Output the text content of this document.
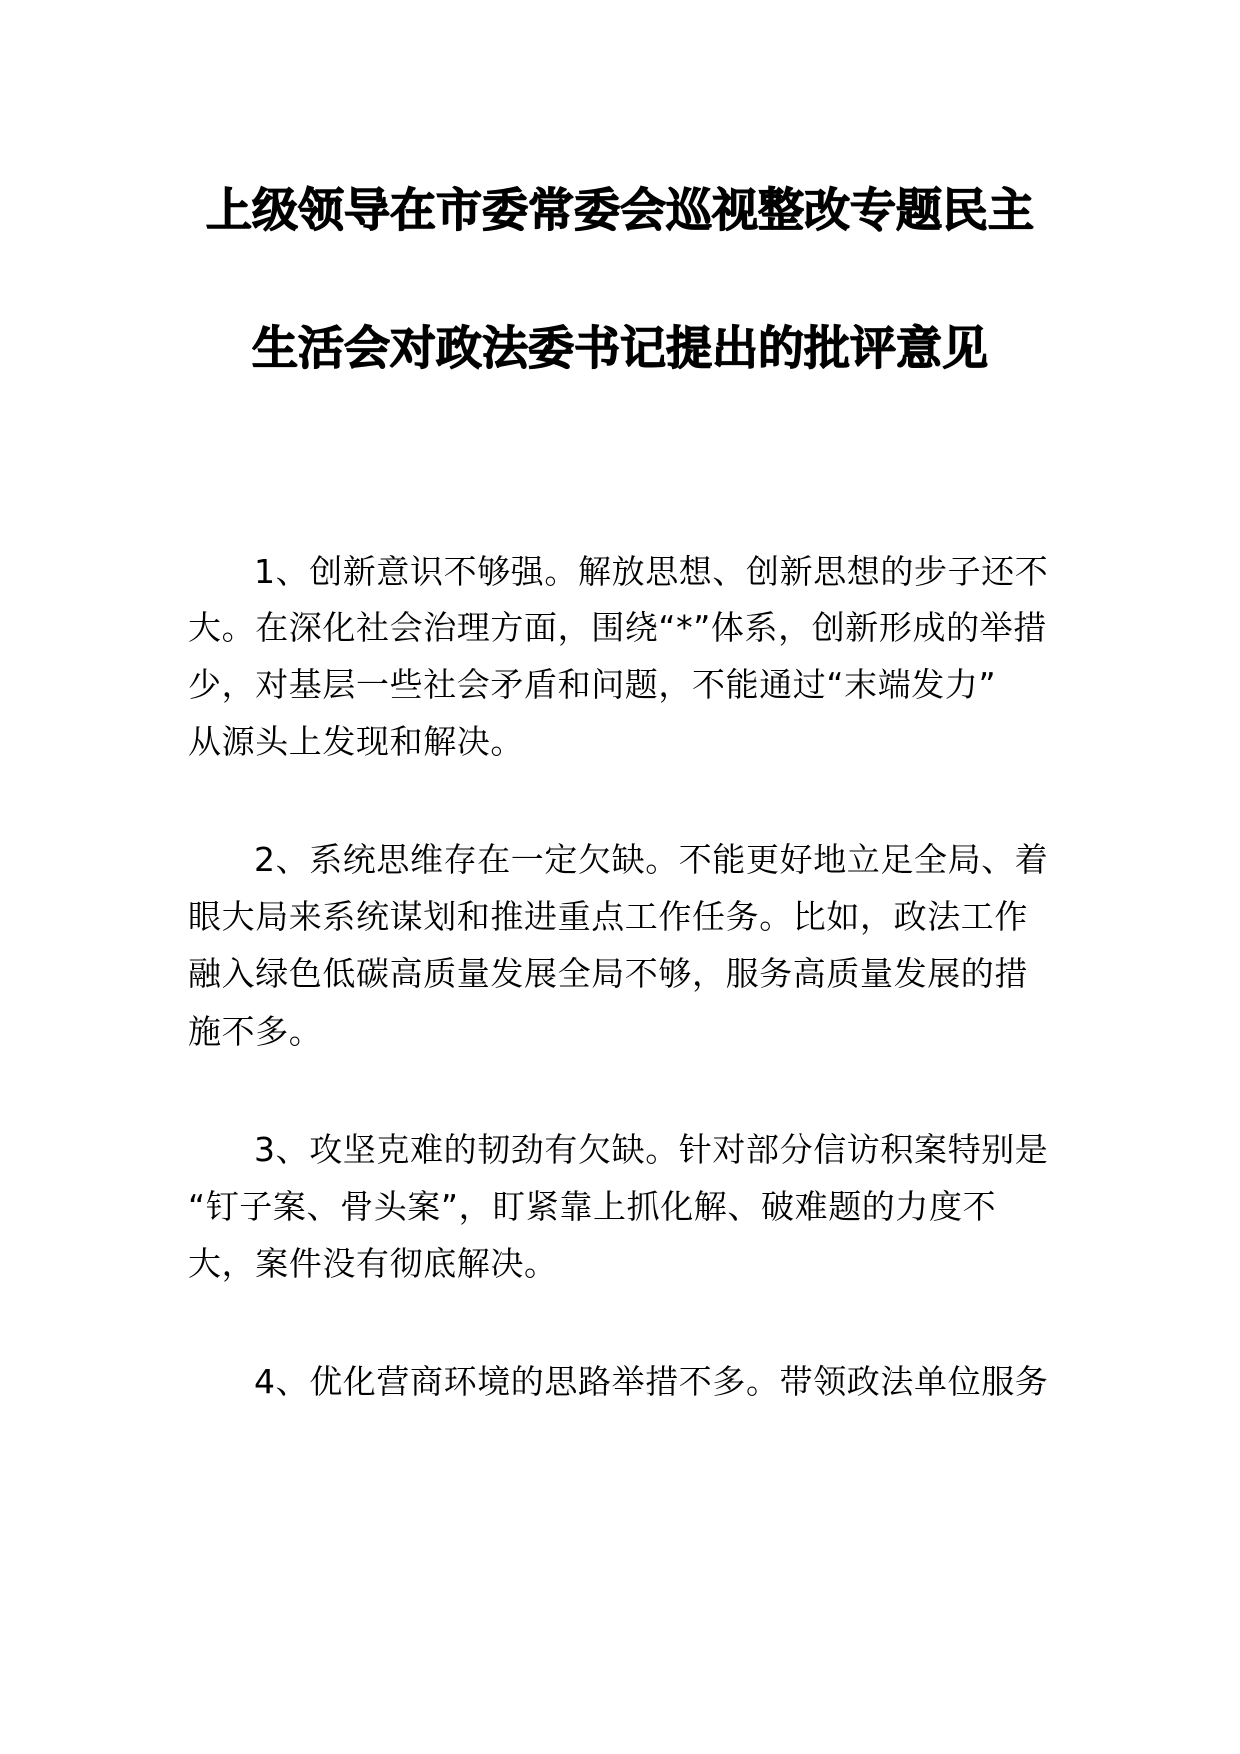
上级领导在市委常委会巡视整改专题民主
生活会对政法委书记提出的批评意见
1、创新意识不够强。解放思想、创新思想的步子还不
大。在深化社会治理方面，围绕“*”体系，创新形成的举措
少，对基层一些社会矛盾和问题，不能通过“末端发力”
从源头上发现和解决。
2、系统思维存在一定欠缺。不能更好地立足全局、着
眼大局来系统谋划和推进重点工作任务。比如，政法工作
融入绿色低碳高质量发展全局不够，服务高质量发展的措
施不多。
3、攻坚克难的韧劲有欠缺。针对部分信访积案特别是
“钉子案、骨头案”，盯紧靠上抓化解、破难题的力度不
大，案件没有彻底解决。
4、优化营商环境的思路举措不多。带领政法单位服务
